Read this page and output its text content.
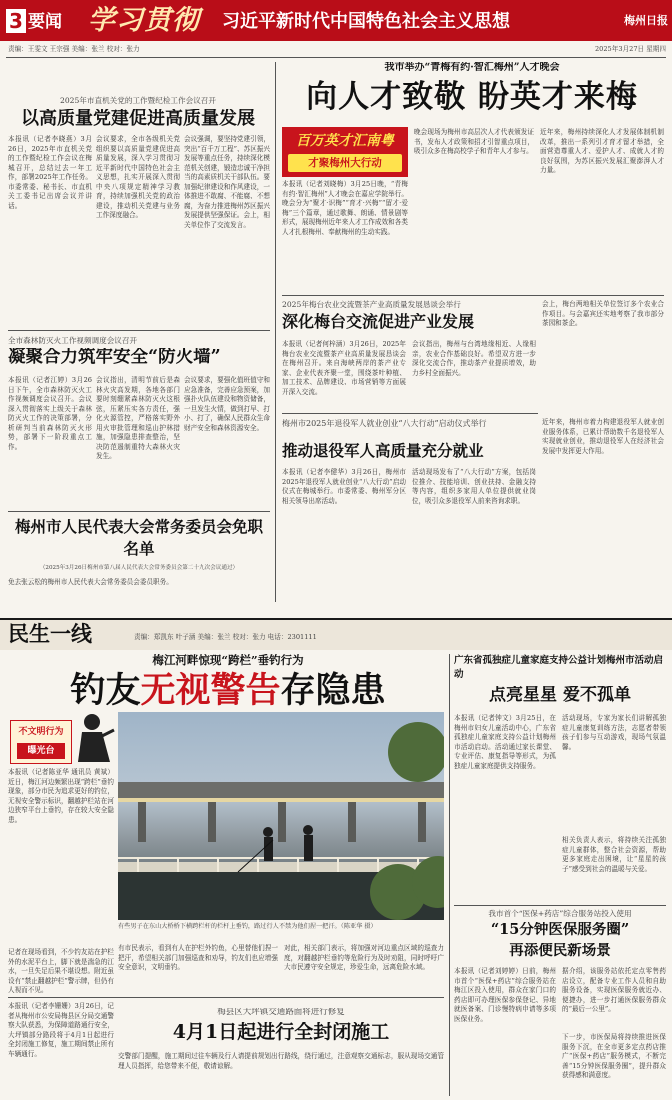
3 要闻 学习贯彻	习近平新时代中国特色社会主义思想	梅州日报
责编：王雯文 王宗强 美编：张兰 校对：张力	2025年3月27日 星期四
2025年市直机关党的工作暨纪检工作会议召开
以高质量党建促进高质量发展
本报讯（记者李晓燕）3月26日，2025年市直机关党的工作暨纪检工作会议在梅城召开，总结过去一年工作，部署2025年工作任务。市委常委、秘书长、市直机关工委书记出席会议并讲话。
会议要求，全市各级机关党组织要以高质量党建促进高质量发展，深入学习贯彻习近平新时代中国特色社会主义思想，扎实开展深入贯彻中央八项规定精神学习教育，持续加强机关党的政治建设，推动机关党建与业务工作深度融合。
会议强调，要坚持党建引领，突出“百千万工程”、苏区振兴发展等重点任务，持续深化模范机关创建，锻造忠诚干净担当的高素质机关干部队伍。要加强纪律建设和作风建设，一体推进不敢腐、不能腐、不想腐，为奋力推进梅州苏区振兴发展提供坚强保证。会上，相关单位作了交流发言。
全市森林防灭火工作视频调度会议召开
凝聚合力筑牢安全“防火墙”
本报讯（记者江婷）3月26日下午，全市森林防灭火工作视频调度会议召开。会议深入贯彻落实上级关于森林防灭火工作的决策部署，分析研判当前森林防灭火形势，部署下一阶段重点工作。
会议指出，清明节前后是森林火灾高发期，各地各部门要时刻绷紧森林防灭火这根弦，压紧压实各方责任，强化火源管控，严格落实野外用火审批管理和巡山护林措施，加强隐患排查整治，坚决防范遏制重特大森林火灾发生。
会议要求，要强化值班值守和应急准备，完善应急预案，加强扑火队伍建设和物资储备，一旦发生火情，做到打早、打小、打了，确保人民群众生命财产安全和森林资源安全。
梅州市人民代表大会常务委员会免职名单
（2025年3月26日梅州市第八届人民代表大会常务委员会第二十九次会议通过）
免去张云松的梅州市人民代表大会常务委员会委员职务。
我市举办“青梅有约·智汇梅州”人才晚会
向人才致敬 盼英才来梅
百万英才汇南粤
才聚梅州大行动
本报讯（记者刘晓梅）3月25日晚，“青梅有约·智汇梅州”人才晚会在嘉应学院举行。晚会分为“聚才·识梅”“育才·兴梅”“留才·爱梅”三个篇章，通过歌舞、朗诵、情景剧等形式，展现梅州近年来人才工作成效和各类人才扎根梅州、奉献梅州的生动实践。
晚会现场为梅州市高层次人才代表颁发证书，发布人才政策和招才引智重点项目，吸引众多在梅高校学子和青年人才参与。
近年来，梅州持续深化人才发展体制机制改革，推出一系列引才育才留才举措，全面营造尊重人才、爱护人才、成就人才的良好氛围，为苏区振兴发展汇聚澎湃人才力量。
2025年梅台农业交流暨茶产业高质量发展恳谈会举行
深化梅台交流促进产业发展
本报讯（记者何梓涵）3月26日，2025年梅台农业交流暨茶产业高质量发展恳谈会在梅州召开。来自海峡两岸的茶产业专家、企业代表齐聚一堂，围绕茶叶种植、加工技术、品牌建设、市场营销等方面展开深入交流。
会议指出，梅州与台湾地缘相近、人缘相亲，农业合作基础良好。希望双方进一步深化交流合作，推动茶产业提质增效，助力乡村全面振兴。
会上，梅台两地相关单位签订多个农业合作项目。与会嘉宾还实地考察了我市部分茶园和茶企。
梅州市2025年退役军人就业创业“八大行动”启动仪式举行
推动退役军人高质量充分就业
本报讯（记者李健华）3月26日，梅州市2025年退役军人就业创业“八大行动”启动仪式在梅城举行。市委常委、梅州军分区相关领导出席活动。
活动现场发布了“八大行动”方案，包括岗位推介、技能培训、创业扶持、金融支持等内容，组织多家用人单位提供就业岗位，吸引众多退役军人前来咨询求职。
近年来，梅州市着力构建退役军人就业创业服务体系，已累计帮助数千名退役军人实现就业创业，推动退役军人在经济社会发展中发挥更大作用。
民生一线	责编：郑凯东 叶子涵 美编：张兰 校对：张力 电话：2301111
梅江河畔惊现“跨栏”垂钓行为
钓友无视警告存隐患
不文明行为
曝光台
有些男子在东山大桥桥下横跨栏杆的栏杆上垂钓，路过行人不禁为他们捏一把汗。（陈亚华 摄）
本报讯（记者陈亚华 通讯员 黄斌）近日，梅江河边频繁出现“跨栏”垂钓现象，部分市民为追求更好的钓位，无视安全警示标识，翻越护栏站在河边狭窄平台上垂钓，存在较大安全隐患。
记者在现场看到，不少钓友站在护栏外的水泥平台上，脚下就是湍急的江水，一旦失足后果不堪设想。附近虽设有“禁止翻越护栏”警示牌，但仍有人视而不见。
有市民表示，看到有人在护栏外钓鱼，心里替他们捏一把汗，希望相关部门加强巡查和劝导，钓友们也应增强安全意识，文明垂钓。
对此，相关部门表示，将加强对河边重点区域的巡查力度，对翻越护栏垂钓等危险行为及时劝阻，同时呼吁广大市民遵守安全规定，珍爱生命，远离危险水域。
本报讯（记者李姗姗）3月26日，记者从梅州市公安局梅县区分局交通警察大队获悉，为保障道路通行安全，大坪镇部分路段将于4月1日起进行全封闭施工修复，施工期间禁止所有车辆通行。
梅县区大坪镇交通路面将进行修复
4月1日起进行全封闭施工
交警部门提醒，施工期间过往车辆及行人请提前规划出行路线，绕行通过，注意观察交通标志，服从现场交通管理人员指挥，给您带来不便，敬请谅解。
广东省孤独症儿童家庭支持公益计划梅州市活动启动
点亮星星 爱不孤单
本报讯（记者钟文）3月25日，在梅州市妇女儿童活动中心，广东省孤独症儿童家庭支持公益计划梅州市活动启动。活动通过家长课堂、专业评估、康复指导等形式，为孤独症儿童家庭提供支持服务。
活动现场，专家为家长们讲解孤独症儿童康复训练方法，志愿者带领孩子们参与互动游戏，现场气氛温馨。
相关负责人表示，将持续关注孤独症儿童群体，整合社会资源，帮助更多家庭走出困境，让“星星的孩子”感受到社会的温暖与关爱。
我市首个“医保+药店”综合服务站投入使用
“15分钟医保服务圈”
再添便民新场景
本报讯（记者刘婷婷）日前，梅州市首个“医保+药店”综合服务站在梅江区投入使用，群众在家门口的药店即可办理医保参保登记、异地就医备案、门诊慢特病申请等多项医保业务。
据介绍，该服务站依托定点零售药店设立，配备专业工作人员和自助服务设备，实现医保服务就近办、便捷办，进一步打通医保服务群众的“最后一公里”。
下一步，市医保局将持续推进医保服务下沉，在全市更多定点药店推广“医保+药店”服务模式，不断完善“15分钟医保服务圈”，提升群众获得感和满意度。
